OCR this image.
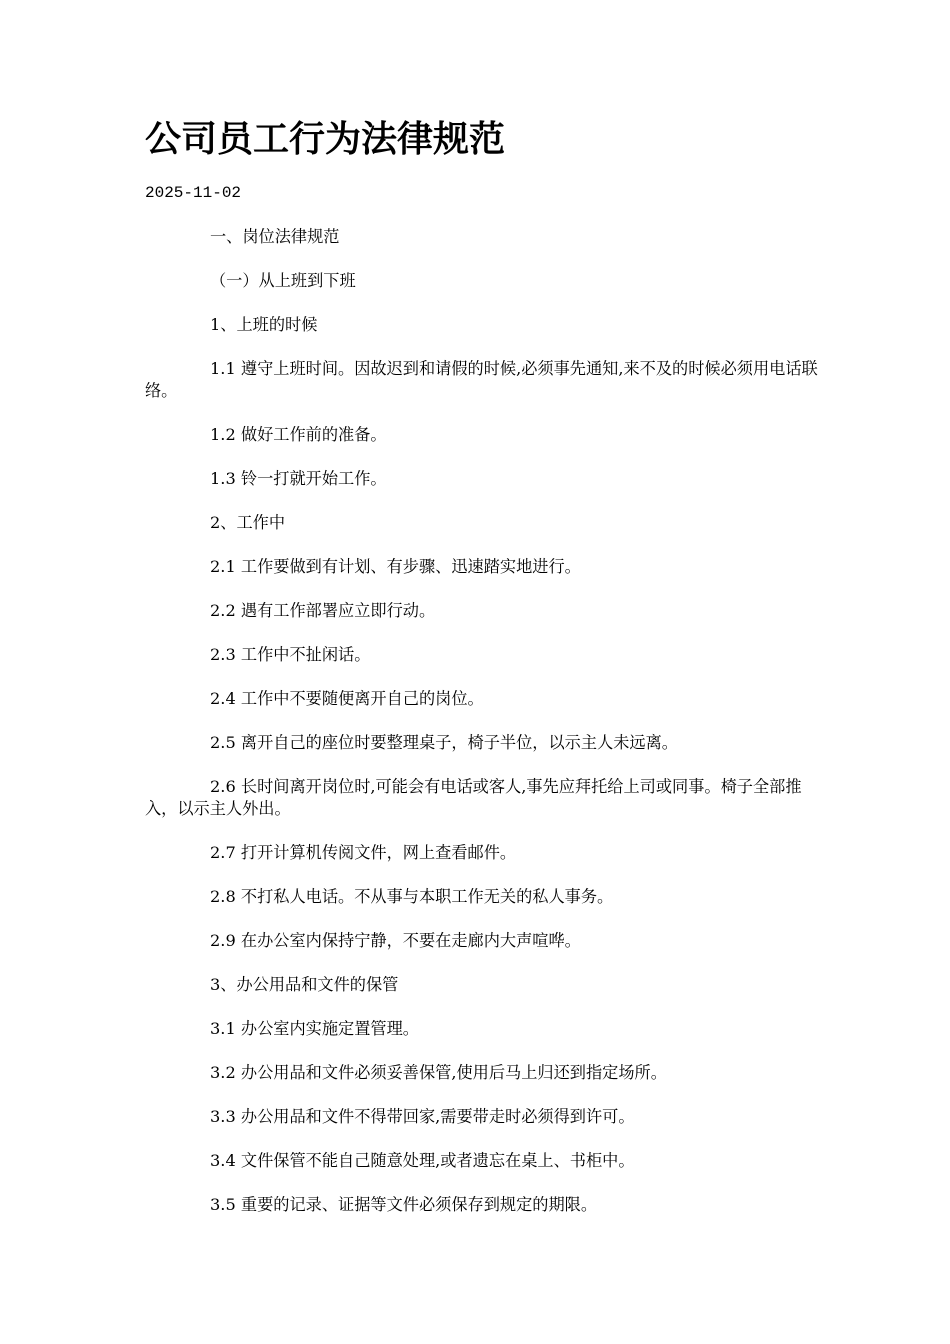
公司员工行为法律规范
2025-11-02

一、岗位法律规范

（一）从上班到下班

1、上班的时候

1.1 遵守上班时间。因故迟到和请假的时候,必须事先通知,来不及的时候必须用电话联络。

1.2 做好工作前的准备。

1.3 铃一打就开始工作。

2、工作中

2.1 工作要做到有计划、有步骤、迅速踏实地进行。

2.2 遇有工作部署应立即行动。

2.3 工作中不扯闲话。

2.4 工作中不要随便离开自己的岗位。

2.5 离开自己的座位时要整理桌子，椅子半位，以示主人未远离。

2.6 长时间离开岗位时,可能会有电话或客人,事先应拜托给上司或同事。椅子全部推入，以示主人外出。

2.7 打开计算机传阅文件，网上查看邮件。

2.8 不打私人电话。不从事与本职工作无关的私人事务。

2.9 在办公室内保持宁静，不要在走廊内大声喧哗。

3、办公用品和文件的保管

3.1 办公室内实施定置管理。

3.2 办公用品和文件必须妥善保管,使用后马上归还到指定场所。

3.3 办公用品和文件不得带回家,需要带走时必须得到许可。

3.4 文件保管不能自己随意处理,或者遗忘在桌上、书柜中。

3.5 重要的记录、证据等文件必须保存到规定的期限。
